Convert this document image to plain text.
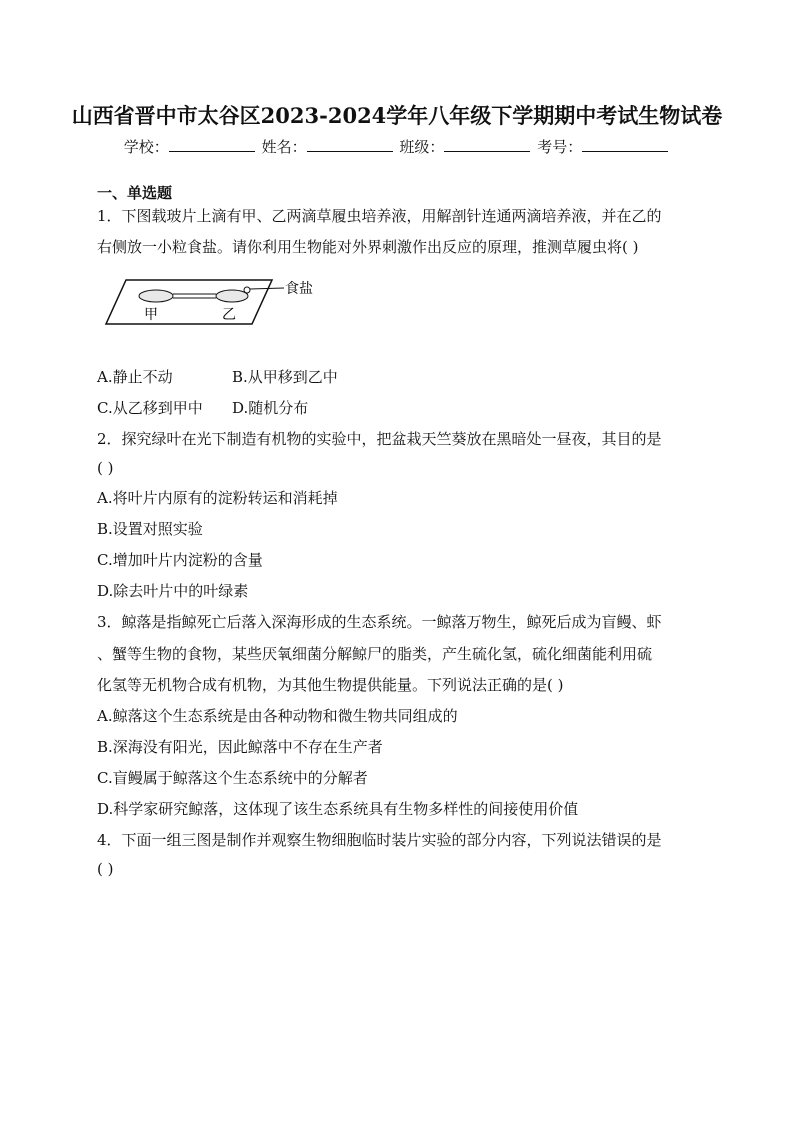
山西省晋中市太谷区2023-2024学年八年级下学期期中考试生物试卷
学校：	姓名：	班级：	考号：
一、单选题
1．下图载玻片上滴有甲、乙两滴草履虫培养液，用解剖针连通两滴培养液，并在乙的
右侧放一小粒食盐。请你利用生物能对外界刺激作出反应的原理，推测草履虫将( )
食盐
甲	乙
A.静止不动	B.从甲移到乙中
C.从乙移到甲中 D.随机分布
2．探究绿叶在光下制造有机物的实验中，把盆栽天竺葵放在黑暗处一昼夜，其目的是
( )
A.将叶片内原有的淀粉转运和消耗掉
B.设置对照实验
C.增加叶片内淀粉的含量
D.除去叶片中的叶绿素
3．鲸落是指鲸死亡后落入深海形成的生态系统。一鲸落万物生，鲸死后成为盲鳗、虾
、蟹等生物的食物，某些厌氧细菌分解鲸尸的脂类，产生硫化氢，硫化细菌能利用硫
化氢等无机物合成有机物，为其他生物提供能量。下列说法正确的是( )
A.鲸落这个生态系统是由各种动物和微生物共同组成的
B.深海没有阳光，因此鲸落中不存在生产者
C.盲鳗属于鲸落这个生态系统中的分解者
D.科学家研究鲸落，这体现了该生态系统具有生物多样性的间接使用价值
4．下面一组三图是制作并观察生物细胞临时装片实验的部分内容，下列说法错误的是
( )
